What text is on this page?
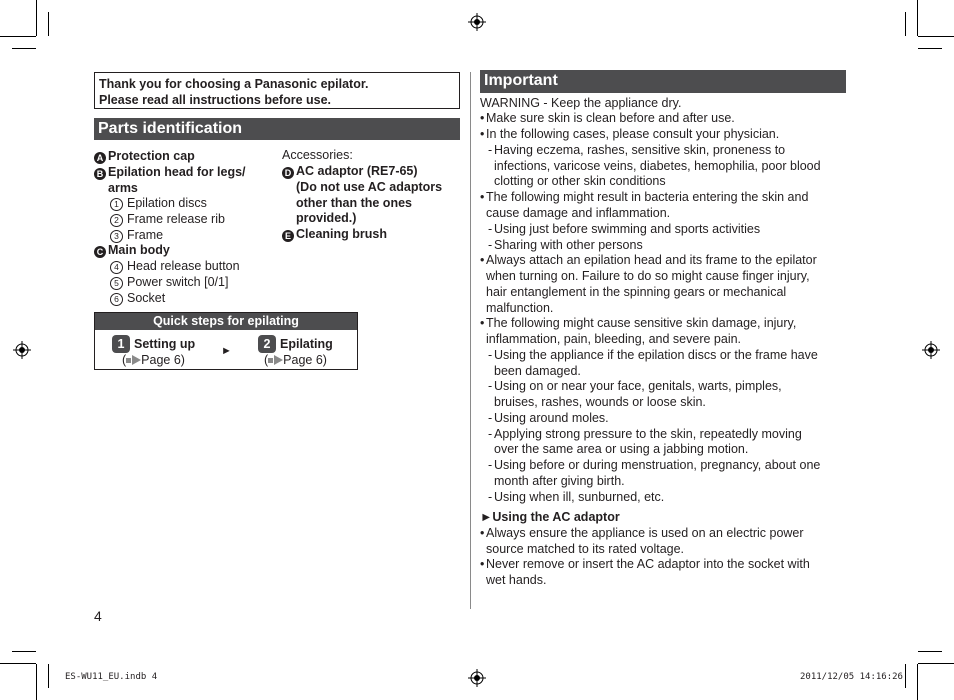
Thank you for choosing a Panasonic epilator.
Please read all instructions before use.
Parts identification
A Protection cap
B Epilation head for legs/
arms
1 Epilation discs
2 Frame release rib
3 Frame
C Main body
4 Head release button
5 Power switch [0/1]
6 Socket
Accessories:
D AC adaptor (RE7-65)
(Do not use AC adaptors
other than the ones
provided.)
E Cleaning brush
Quick steps for epilating
1 Setting up
( Page 6)
►	2 Epilating
( Page 6)
Important
WARNING - Keep the appliance dry.
• Make sure skin is clean before and after use.
• In the following cases, please consult your physician.
- Having eczema, rashes, sensitive skin, proneness to
infections, varicose veins, diabetes, hemophilia, poor blood
clotting or other skin conditions
• The following might result in bacteria entering the skin and
cause damage and inflammation.
- Using just before swimming and sports activities
- Sharing with other persons
• Always attach an epilation head and its frame to the epilator
when turning on. Failure to do so might cause finger injury,
hair entanglement in the spinning gears or mechanical
malfunction.
• The following might cause sensitive skin damage, injury,
inflammation, pain, bleeding, and severe pain.
- Using the appliance if the epilation discs or the frame have
been damaged.
- Using on or near your face, genitals, warts, pimples,
bruises, rashes, wounds or loose skin.
- Using around moles.
- Applying strong pressure to the skin, repeatedly moving
over the same area or using a jabbing motion.
- Using before or during menstruation, pregnancy, about one
month after giving birth.
- Using when ill, sunburned, etc.
►Using the AC adaptor
• Always ensure the appliance is used on an electric power
source matched to its rated voltage.
• Never remove or insert the AC adaptor into the socket with
wet hands.
4
ES-WU11_EU.indb 4	2011/12/05 14:16:26
